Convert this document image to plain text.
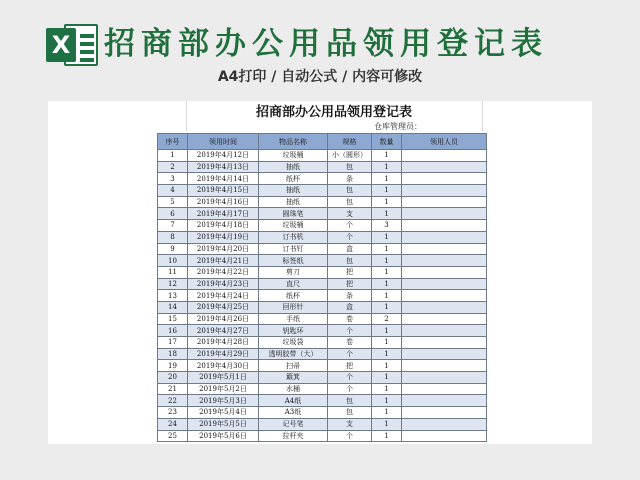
X 招商部办公用品领用登记表
A4打印 / 自动公式 / 内容可修改
招商部办公用品领用登记表
仓库管理员：
序号	领用时间	物品名称	规格	数量	领用人员
1	2019年4月12日	垃圾桶	小（圆形）	1	
2	2019年4月13日	抽纸	包	1	
3	2019年4月14日	纸杯	条	1	
4	2019年4月15日	抽纸	包	1	
5	2019年4月16日	抽纸	包	1	
6	2019年4月17日	圆珠笔	支	1	
7	2019年4月18日	垃圾桶	个	3	
8	2019年4月19日	订书机	个	1	
9	2019年4月20日	订书钉	盒	1	
10	2019年4月21日	标签纸	包	1	
11	2019年4月22日	剪刀	把	1	
12	2019年4月23日	直尺	把	1	
13	2019年4月24日	纸杯	条	1	
14	2019年4月25日	回形针	盒	1	
15	2019年4月26日	手纸	卷	2	
16	2019年4月27日	钥匙环	个	1	
17	2019年4月28日	垃圾袋	卷	1	
18	2019年4月29日	透明胶带（大）	个	1	
19	2019年4月30日	扫帚	把	1	
20	2019年5月1日	簸箕	个	1	
21	2019年5月2日	水桶	个	1	
22	2019年5月3日	A4纸	包	1	
23	2019年5月4日	A3纸	包	1	
24	2019年5月5日	记号笔	支	1	
25	2019年5月6日	拉杆夹	个	1	
